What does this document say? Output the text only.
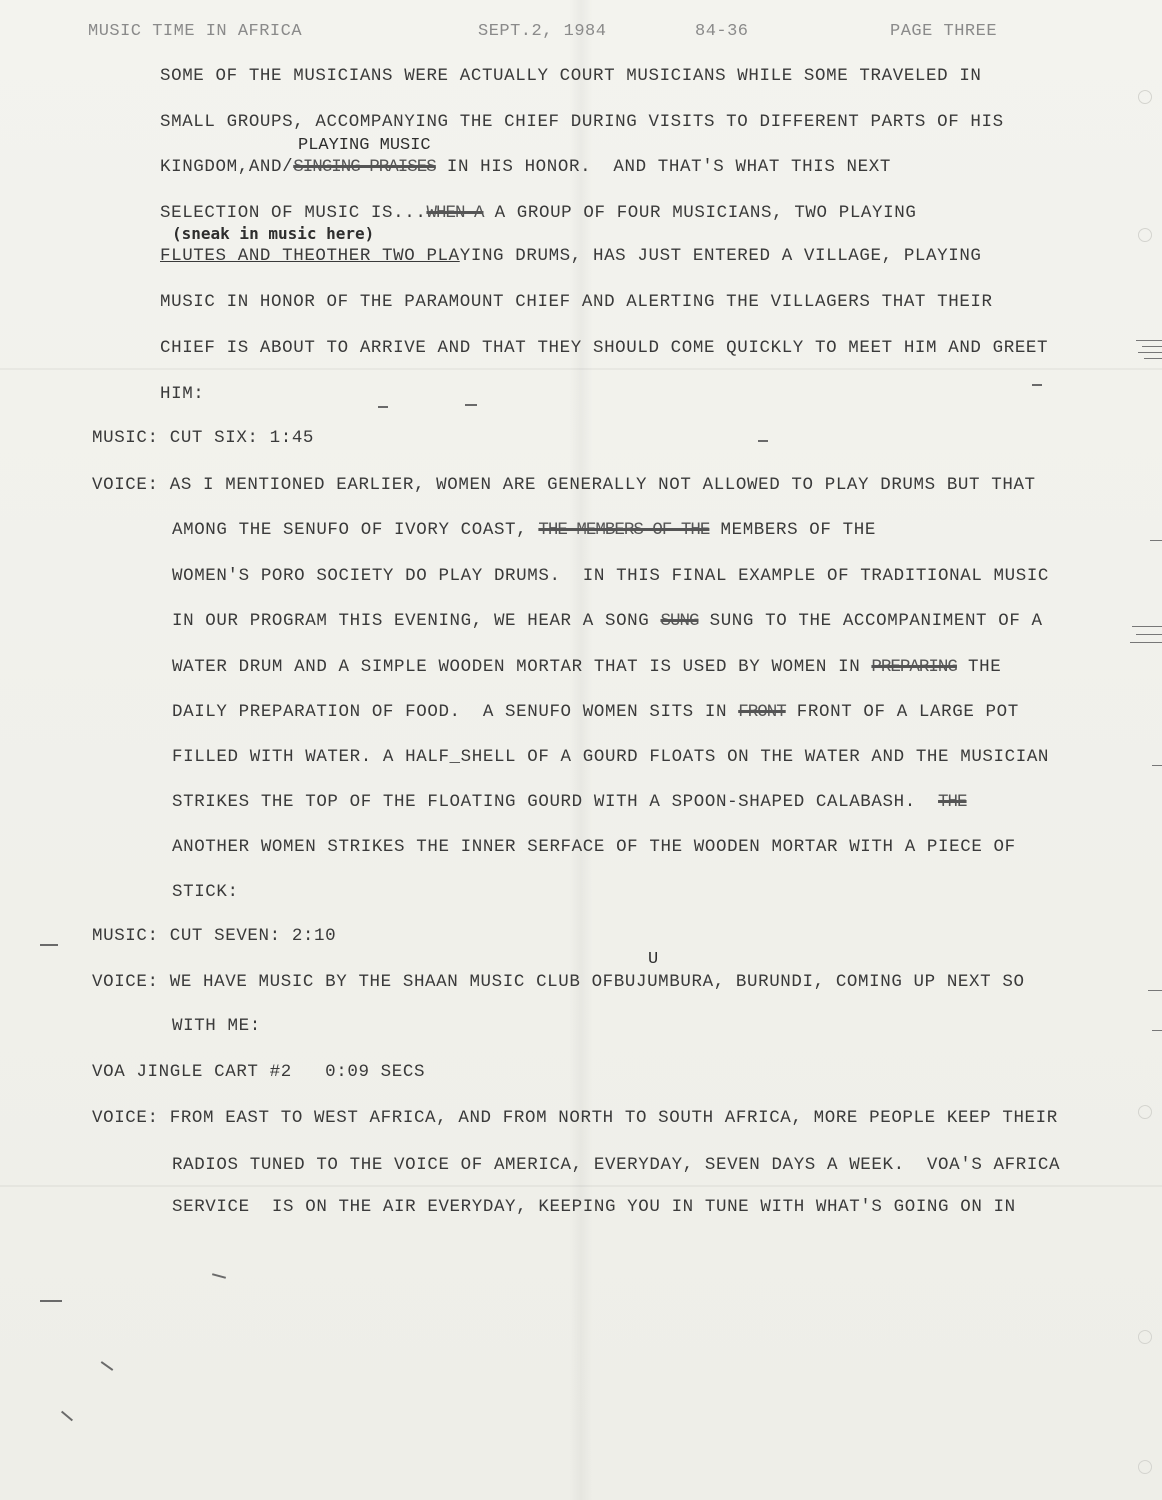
MUSIC TIME IN AFRICA	SEPT.2, 1984	84-36	PAGE THREE
SOME OF THE MUSICIANS WERE ACTUALLY COURT MUSICIANS WHILE SOME TRAVELED IN
SMALL GROUPS, ACCOMPANYING THE CHIEF DURING VISITS TO DIFFERENT PARTS OF HIS
PLAYING MUSIC
KINGDOM,AND/SINGING PRAISES IN HIS HONOR.  AND THAT'S WHAT THIS NEXT
SELECTION OF MUSIC IS...WHEN A A GROUP OF FOUR MUSICIANS, TWO PLAYING
(sneak in music here)
FLUTES AND THEOTHER TWO PLAYING DRUMS, HAS JUST ENTERED A VILLAGE, PLAYING
MUSIC IN HONOR OF THE PARAMOUNT CHIEF AND ALERTING THE VILLAGERS THAT THEIR
CHIEF IS ABOUT TO ARRIVE AND THAT THEY SHOULD COME QUICKLY TO MEET HIM AND GREET
HIM:
MUSIC: CUT SIX: 1:45
VOICE: AS I MENTIONED EARLIER, WOMEN ARE GENERALLY NOT ALLOWED TO PLAY DRUMS BUT THAT
AMONG THE SENUFO OF IVORY COAST, THE MEMBERS OF THE MEMBERS OF THE
WOMEN'S PORO SOCIETY DO PLAY DRUMS.  IN THIS FINAL EXAMPLE OF TRADITIONAL MUSIC
IN OUR PROGRAM THIS EVENING, WE HEAR A SONG SUNG SUNG TO THE ACCOMPANIMENT OF A
WATER DRUM AND A SIMPLE WOODEN MORTAR THAT IS USED BY WOMEN IN PREPARING THE
DAILY PREPARATION OF FOOD.  A SENUFO WOMEN SITS IN FRONT FRONT OF A LARGE POT
FILLED WITH WATER. A HALF_SHELL OF A GOURD FLOATS ON THE WATER AND THE MUSICIAN
STRIKES THE TOP OF THE FLOATING GOURD WITH A SPOON-SHAPED CALABASH.  THE
ANOTHER WOMEN STRIKES THE INNER SERFACE OF THE WOODEN MORTAR WITH A PIECE OF
STICK:
MUSIC: CUT SEVEN: 2:10
U
VOICE: WE HAVE MUSIC BY THE SHAAN MUSIC CLUB OFBUJUMBURA, BURUNDI, COMING UP NEXT SO
WITH ME:
VOA JINGLE CART #2   0:09 SECS
VOICE: FROM EAST TO WEST AFRICA, AND FROM NORTH TO SOUTH AFRICA, MORE PEOPLE KEEP THEIR
RADIOS TUNED TO THE VOICE OF AMERICA, EVERYDAY, SEVEN DAYS A WEEK.  VOA'S AFRICA
SERVICE  IS ON THE AIR EVERYDAY, KEEPING YOU IN TUNE WITH WHAT'S GOING ON IN
